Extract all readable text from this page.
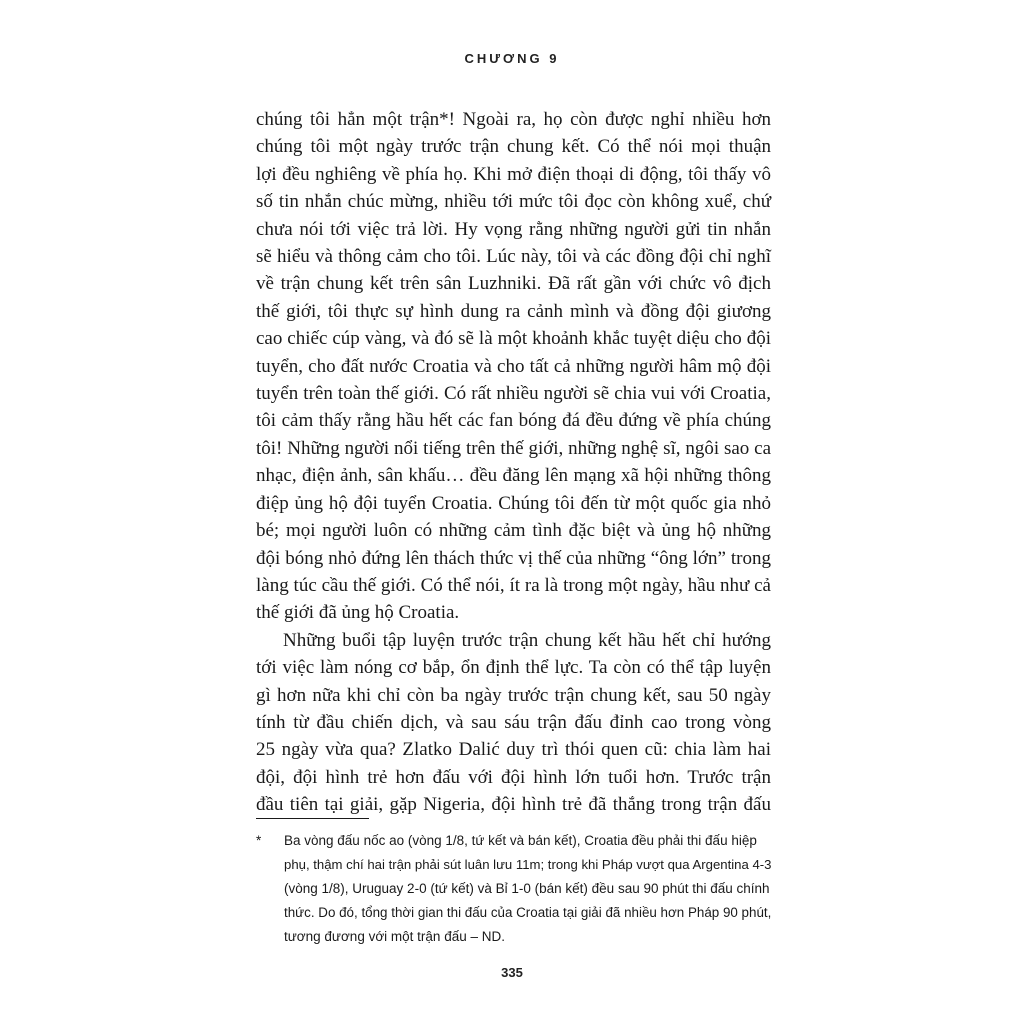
CHƯƠNG 9
chúng tôi hẳn một trận*! Ngoài ra, họ còn được nghỉ nhiều hơn
chúng tôi một ngày trước trận chung kết. Có thể nói mọi thuận
lợi đều nghiêng về phía họ. Khi mở điện thoại di động, tôi thấy vô
số tin nhắn chúc mừng, nhiều tới mức tôi đọc còn không xuể, chứ
chưa nói tới việc trả lời. Hy vọng rằng những người gửi tin nhắn
sẽ hiểu và thông cảm cho tôi. Lúc này, tôi và các đồng đội chỉ nghĩ
về trận chung kết trên sân Luzhniki. Đã rất gần với chức vô địch
thế giới, tôi thực sự hình dung ra cảnh mình và đồng đội giương
cao chiếc cúp vàng, và đó sẽ là một khoảnh khắc tuyệt diệu cho đội
tuyển, cho đất nước Croatia và cho tất cả những người hâm mộ đội
tuyển trên toàn thế giới. Có rất nhiều người sẽ chia vui với Croatia,
tôi cảm thấy rằng hầu hết các fan bóng đá đều đứng về phía chúng
tôi! Những người nổi tiếng trên thế giới, những nghệ sĩ, ngôi sao ca
nhạc, điện ảnh, sân khấu… đều đăng lên mạng xã hội những thông
điệp ủng hộ đội tuyển Croatia. Chúng tôi đến từ một quốc gia nhỏ
bé; mọi người luôn có những cảm tình đặc biệt và ủng hộ những
đội bóng nhỏ đứng lên thách thức vị thế của những “ông lớn” trong
làng túc cầu thế giới. Có thể nói, ít ra là trong một ngày, hầu như cả
thế giới đã ủng hộ Croatia.
Những buổi tập luyện trước trận chung kết hầu hết chỉ hướng
tới việc làm nóng cơ bắp, ổn định thể lực. Ta còn có thể tập luyện
gì hơn nữa khi chỉ còn ba ngày trước trận chung kết, sau 50 ngày
tính từ đầu chiến dịch, và sau sáu trận đấu đỉnh cao trong vòng
25 ngày vừa qua? Zlatko Dalić duy trì thói quen cũ: chia làm hai
đội, đội hình trẻ hơn đấu với đội hình lớn tuổi hơn. Trước trận
đầu tiên tại giải, gặp Nigeria, đội hình trẻ đã thắng trong trận đấu
* Ba vòng đấu nốc ao (vòng 1/8, tứ kết và bán kết), Croatia đều phải thi đấu hiệp
phụ, thậm chí hai trận phải sút luân lưu 11m; trong khi Pháp vượt qua Argentina 4-3
(vòng 1/8), Uruguay 2-0 (tứ kết) và Bỉ 1-0 (bán kết) đều sau 90 phút thi đấu chính
thức. Do đó, tổng thời gian thi đấu của Croatia tại giải đã nhiều hơn Pháp 90 phút,
tương đương với một trận đấu – ND.
335
